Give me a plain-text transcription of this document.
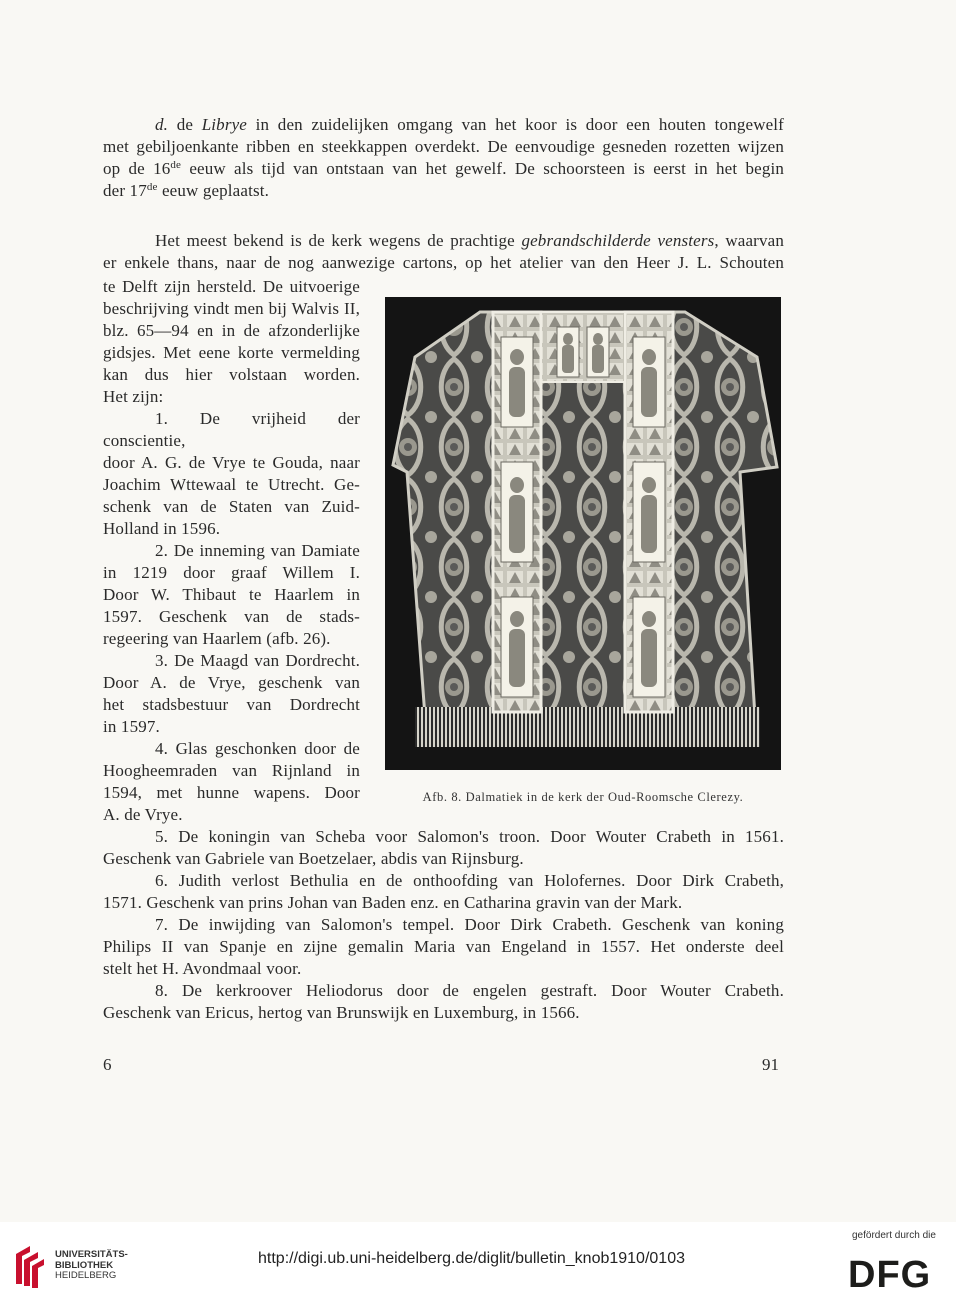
d. de Librye in den zuidelijken omgang van het koor is door een houten tongewelf
met gebiljoenkante ribben en steekkappen overdekt. De eenvoudige gesneden rozetten wijzen
op de 16de eeuw als tijd van ontstaan van het gewelf. De schoorsteen is eerst in het begin
der 17de eeuw geplaatst.

Het meest bekend is de kerk wegens de prachtige gebrandschilderde vensters, waarvan
er enkele thans, naar de nog aanwezige cartons, op het atelier van den Heer J. L. Schouten

te Delft zijn hersteld. De uitvoerige
beschrijving vindt men bij Walvis II,
blz. 65—94 en in de afzonderlijke
gidsjes. Met eene korte vermelding
kan dus hier volstaan worden.
Het zijn:
1. De vrijheid der conscientie,
door A. G. de Vrye te Gouda, naar
Joachim Wttewaal te Utrecht. Ge-
schenk van de Staten van Zuid-
Holland in 1596.
2. De inneming van Damiate
in 1219 door graaf Willem I.
Door W. Thibaut te Haarlem in
1597. Geschenk van de stads-
regeering van Haarlem (afb. 26).
3. De Maagd van Dordrecht.
Door A. de Vrye, geschenk van
het stadsbestuur van Dordrecht
in 1597.
4. Glas geschonken door de
Hoogheemraden van Rijnland in
1594, met hunne wapens. Door
A. de Vrye.
Afb. 8. Dalmatiek in de kerk der Oud-Roomsche Clerezy.
5. De koningin van Scheba voor Salomon's troon. Door Wouter Crabeth in 1561.
Geschenk van Gabriele van Boetzelaer, abdis van Rijnsburg.
6. Judith verlost Bethulia en de onthoofding van Holofernes. Door Dirk Crabeth,
1571. Geschenk van prins Johan van Baden enz. en Catharina gravin van der Mark.
7. De inwijding van Salomon's tempel. Door Dirk Crabeth. Geschenk van koning
Philips II van Spanje en zijne gemalin Maria van Engeland in 1557. Het onderste deel
stelt het H. Avondmaal voor.
8. De kerkroover Heliodorus door de engelen gestraft. Door Wouter Crabeth.
Geschenk van Ericus, hertog van Brunswijk en Luxemburg, in 1566.
6	91
UNIVERSITÄTS-
BIBLIOTHEK
HEIDELBERG
http://digi.ub.uni-heidelberg.de/diglit/bulletin_knob1910/0103
gefördert durch die
DFG
